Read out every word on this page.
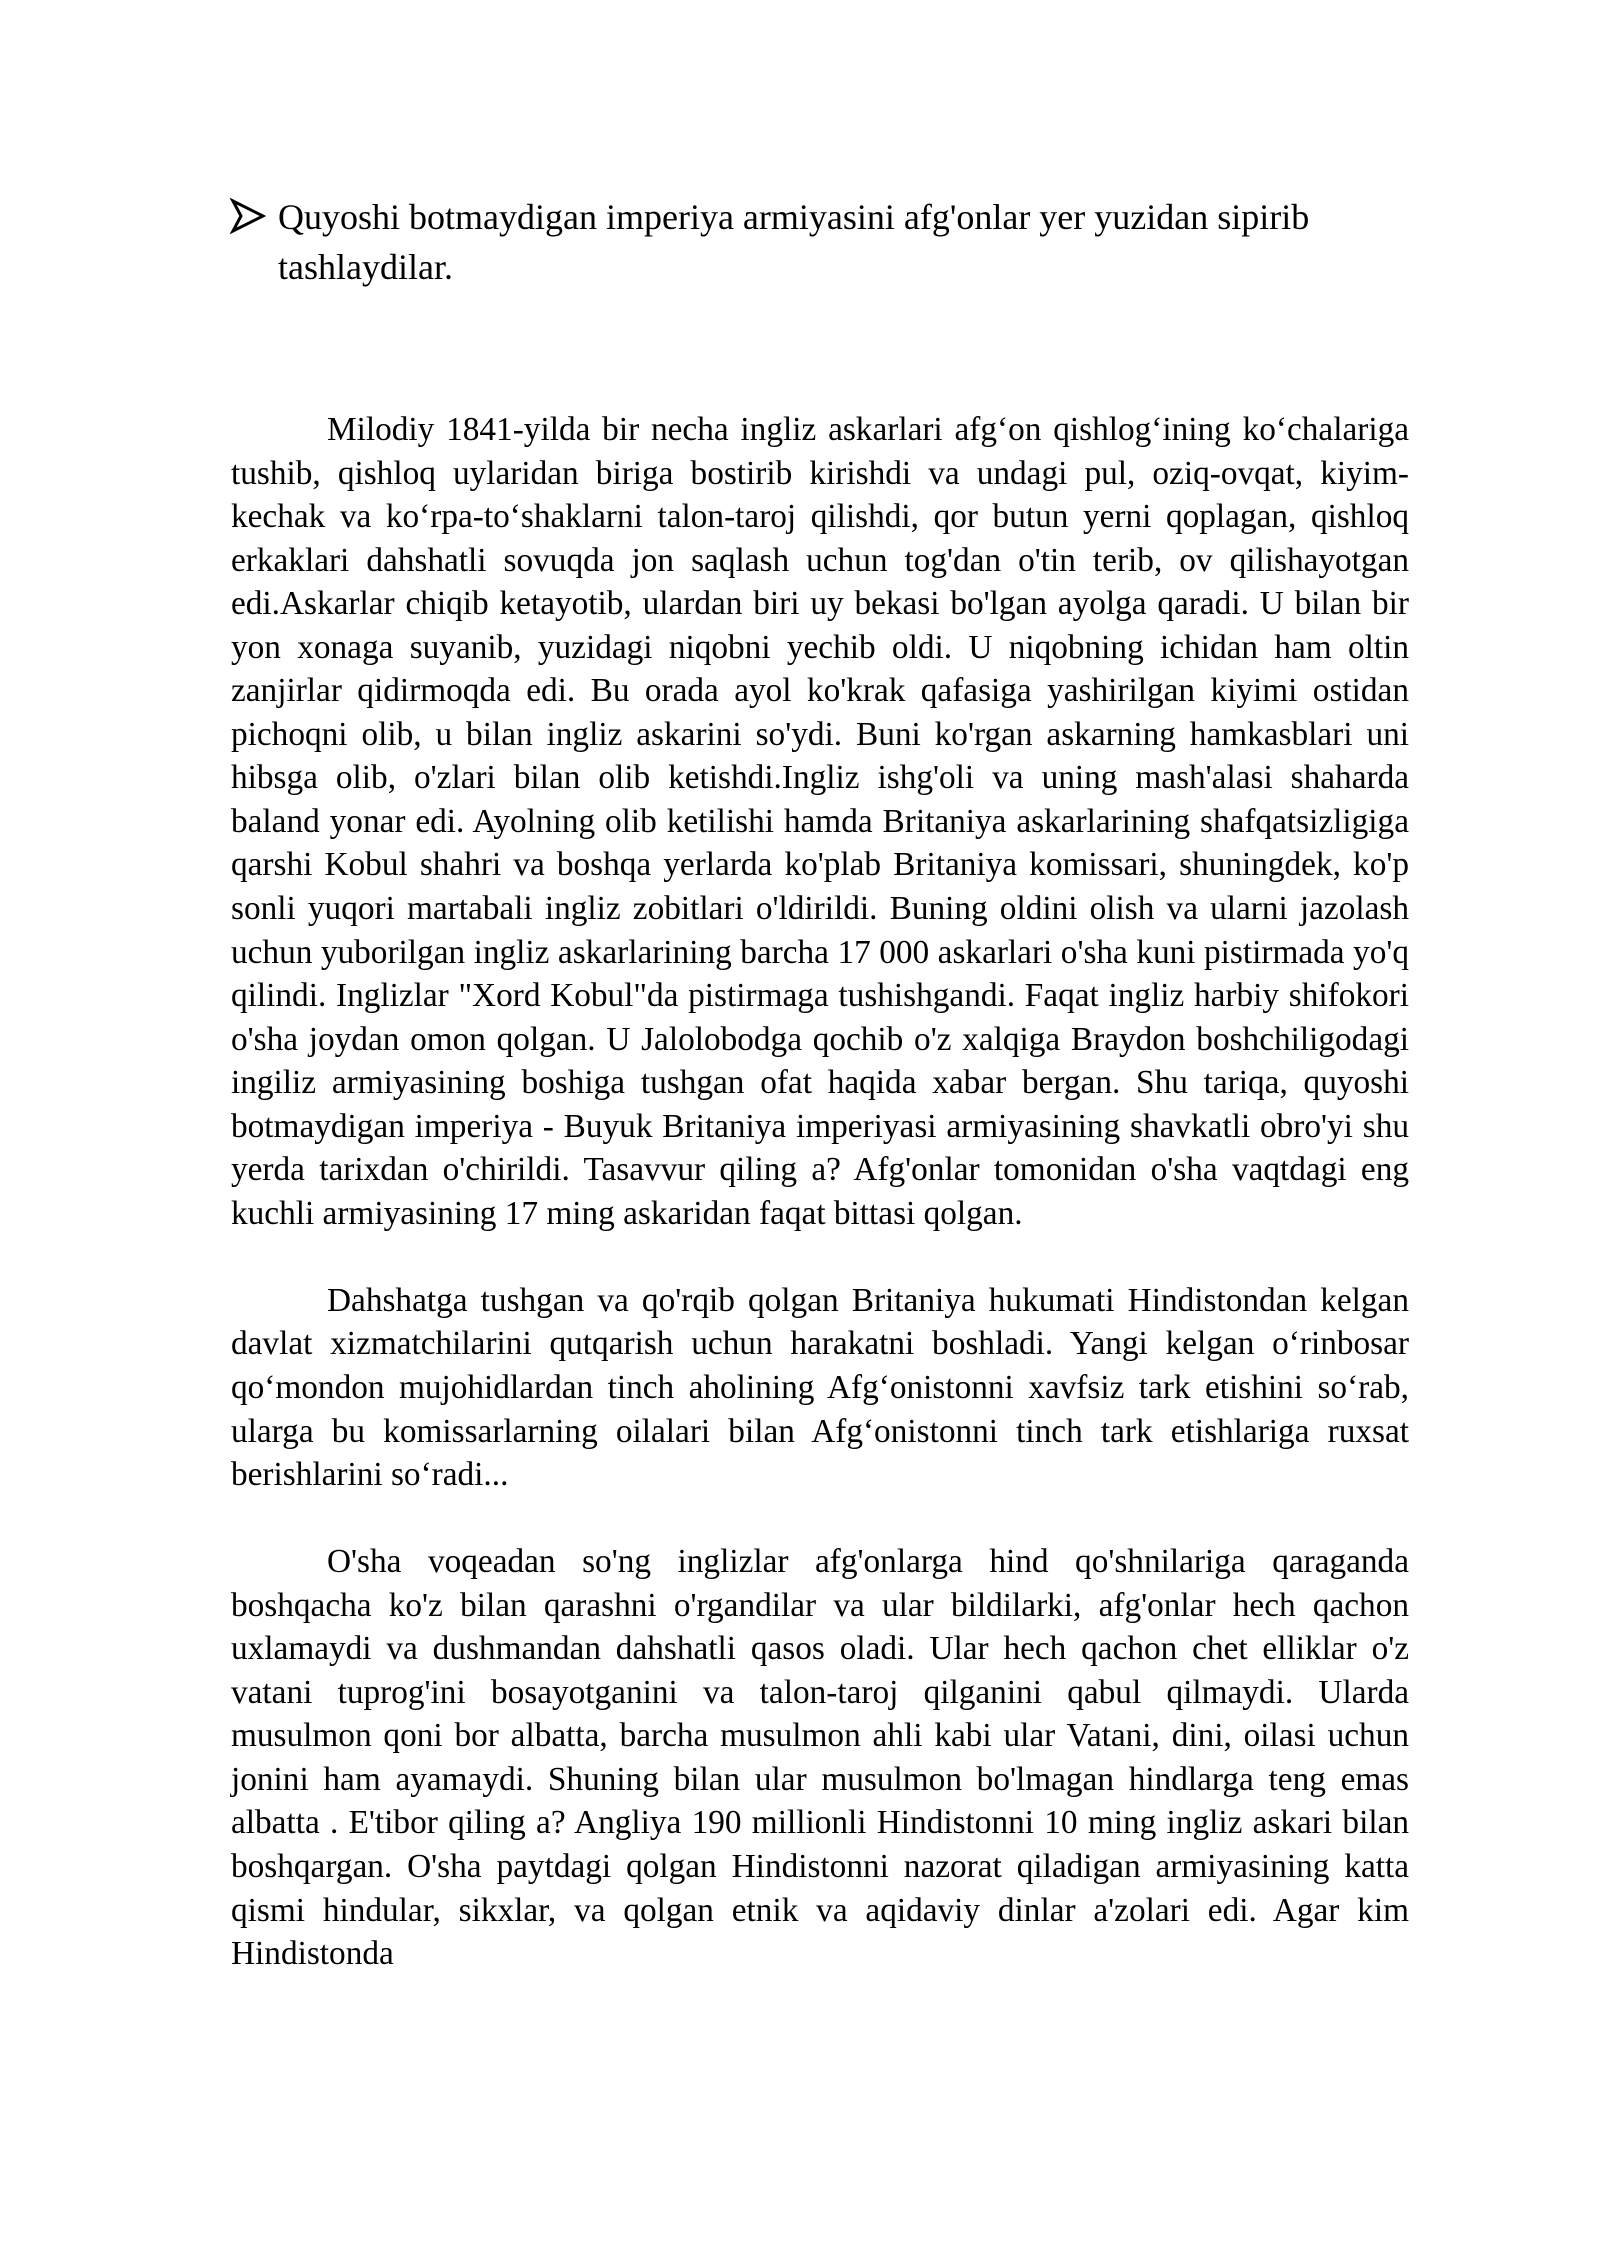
Quyoshi botmaydigan imperiya armiyasini afg'onlar yer yuzidan sipirib tashlaydilar.

Milodiy 1841-yilda bir necha ingliz askarlari afg‘on qishlog‘ining ko‘chalariga tushib, qishloq uylaridan biriga bostirib kirishdi va undagi pul, oziq-ovqat, kiyim-kechak va ko‘rpa-to‘shaklarni talon-taroj qilishdi, qor butun yerni qoplagan, qishloq erkaklari dahshatli sovuqda jon saqlash uchun tog'dan o'tin terib, ov qilishayotgan edi.Askarlar chiqib ketayotib, ulardan biri uy bekasi bo'lgan ayolga qaradi. U bilan bir yon xonaga suyanib, yuzidagi niqobni yechib oldi. U niqobning ichidan ham oltin zanjirlar qidirmoqda edi. Bu orada ayol ko'krak qafasiga yashirilgan kiyimi ostidan pichoqni olib, u bilan ingliz askarini so'ydi. Buni ko'rgan askarning hamkasblari uni hibsga olib, o'zlari bilan olib ketishdi.Ingliz ishg'oli va uning mash'alasi shaharda baland yonar edi. Ayolning olib ketilishi hamda Britaniya askarlarining shafqatsizligiga qarshi Kobul shahri va boshqa yerlarda ko'plab Britaniya komissari, shuningdek, ko'p sonli yuqori martabali ingliz zobitlari o'ldirildi. Buning oldini olish va ularni jazolash uchun yuborilgan ingliz askarlarining barcha 17 000 askarlari o'sha kuni pistirmada yo'q qilindi. Inglizlar "Xord Kobul"da pistirmaga tushishgandi. Faqat ingliz harbiy shifokori o'sha joydan omon qolgan. U Jalolobodga qochib o'z xalqiga Braydon boshchiligodagi ingiliz armiyasining boshiga tushgan ofat haqida xabar bergan. Shu tariqa, quyoshi botmaydigan imperiya - Buyuk Britaniya imperiyasi armiyasining shavkatli obro'yi shu yerda tarixdan o'chirildi. Tasavvur qiling a? Afg'onlar tomonidan o'sha vaqtdagi eng kuchli armiyasining 17 ming askaridan faqat bittasi qolgan.

Dahshatga tushgan va qo'rqib qolgan Britaniya hukumati Hindistondan kelgan davlat xizmatchilarini qutqarish uchun harakatni boshladi. Yangi kelgan o‘rinbosar qo‘mondon mujohidlardan tinch aholining Afg‘onistonni xavfsiz tark etishini so‘rab, ularga bu komissarlarning oilalari bilan Afg‘onistonni tinch tark etishlariga ruxsat berishlarini so‘radi...

O'sha voqeadan so'ng inglizlar afg'onlarga hind qo'shnilariga qaraganda boshqacha ko'z bilan qarashni o'rgandilar va ular bildilarki, afg'onlar hech qachon uxlamaydi va dushmandan dahshatli qasos oladi. Ular hech qachon chet elliklar o'z vatani tuprog'ini bosayotganini va talon-taroj qilganini qabul qilmaydi. Ularda musulmon qoni bor albatta, barcha musulmon ahli kabi ular Vatani, dini, oilasi uchun jonini ham ayamaydi. Shuning bilan ular musulmon bo'lmagan hindlarga teng emas albatta . E'tibor qiling a? Angliya 190 millionli Hindistonni 10 ming ingliz askari bilan boshqargan. O'sha paytdagi qolgan Hindistonni nazorat qiladigan armiyasining katta qismi hindular, sikxlar, va qolgan etnik va aqidaviy dinlar a'zolari edi. Agar kim Hindistonda
